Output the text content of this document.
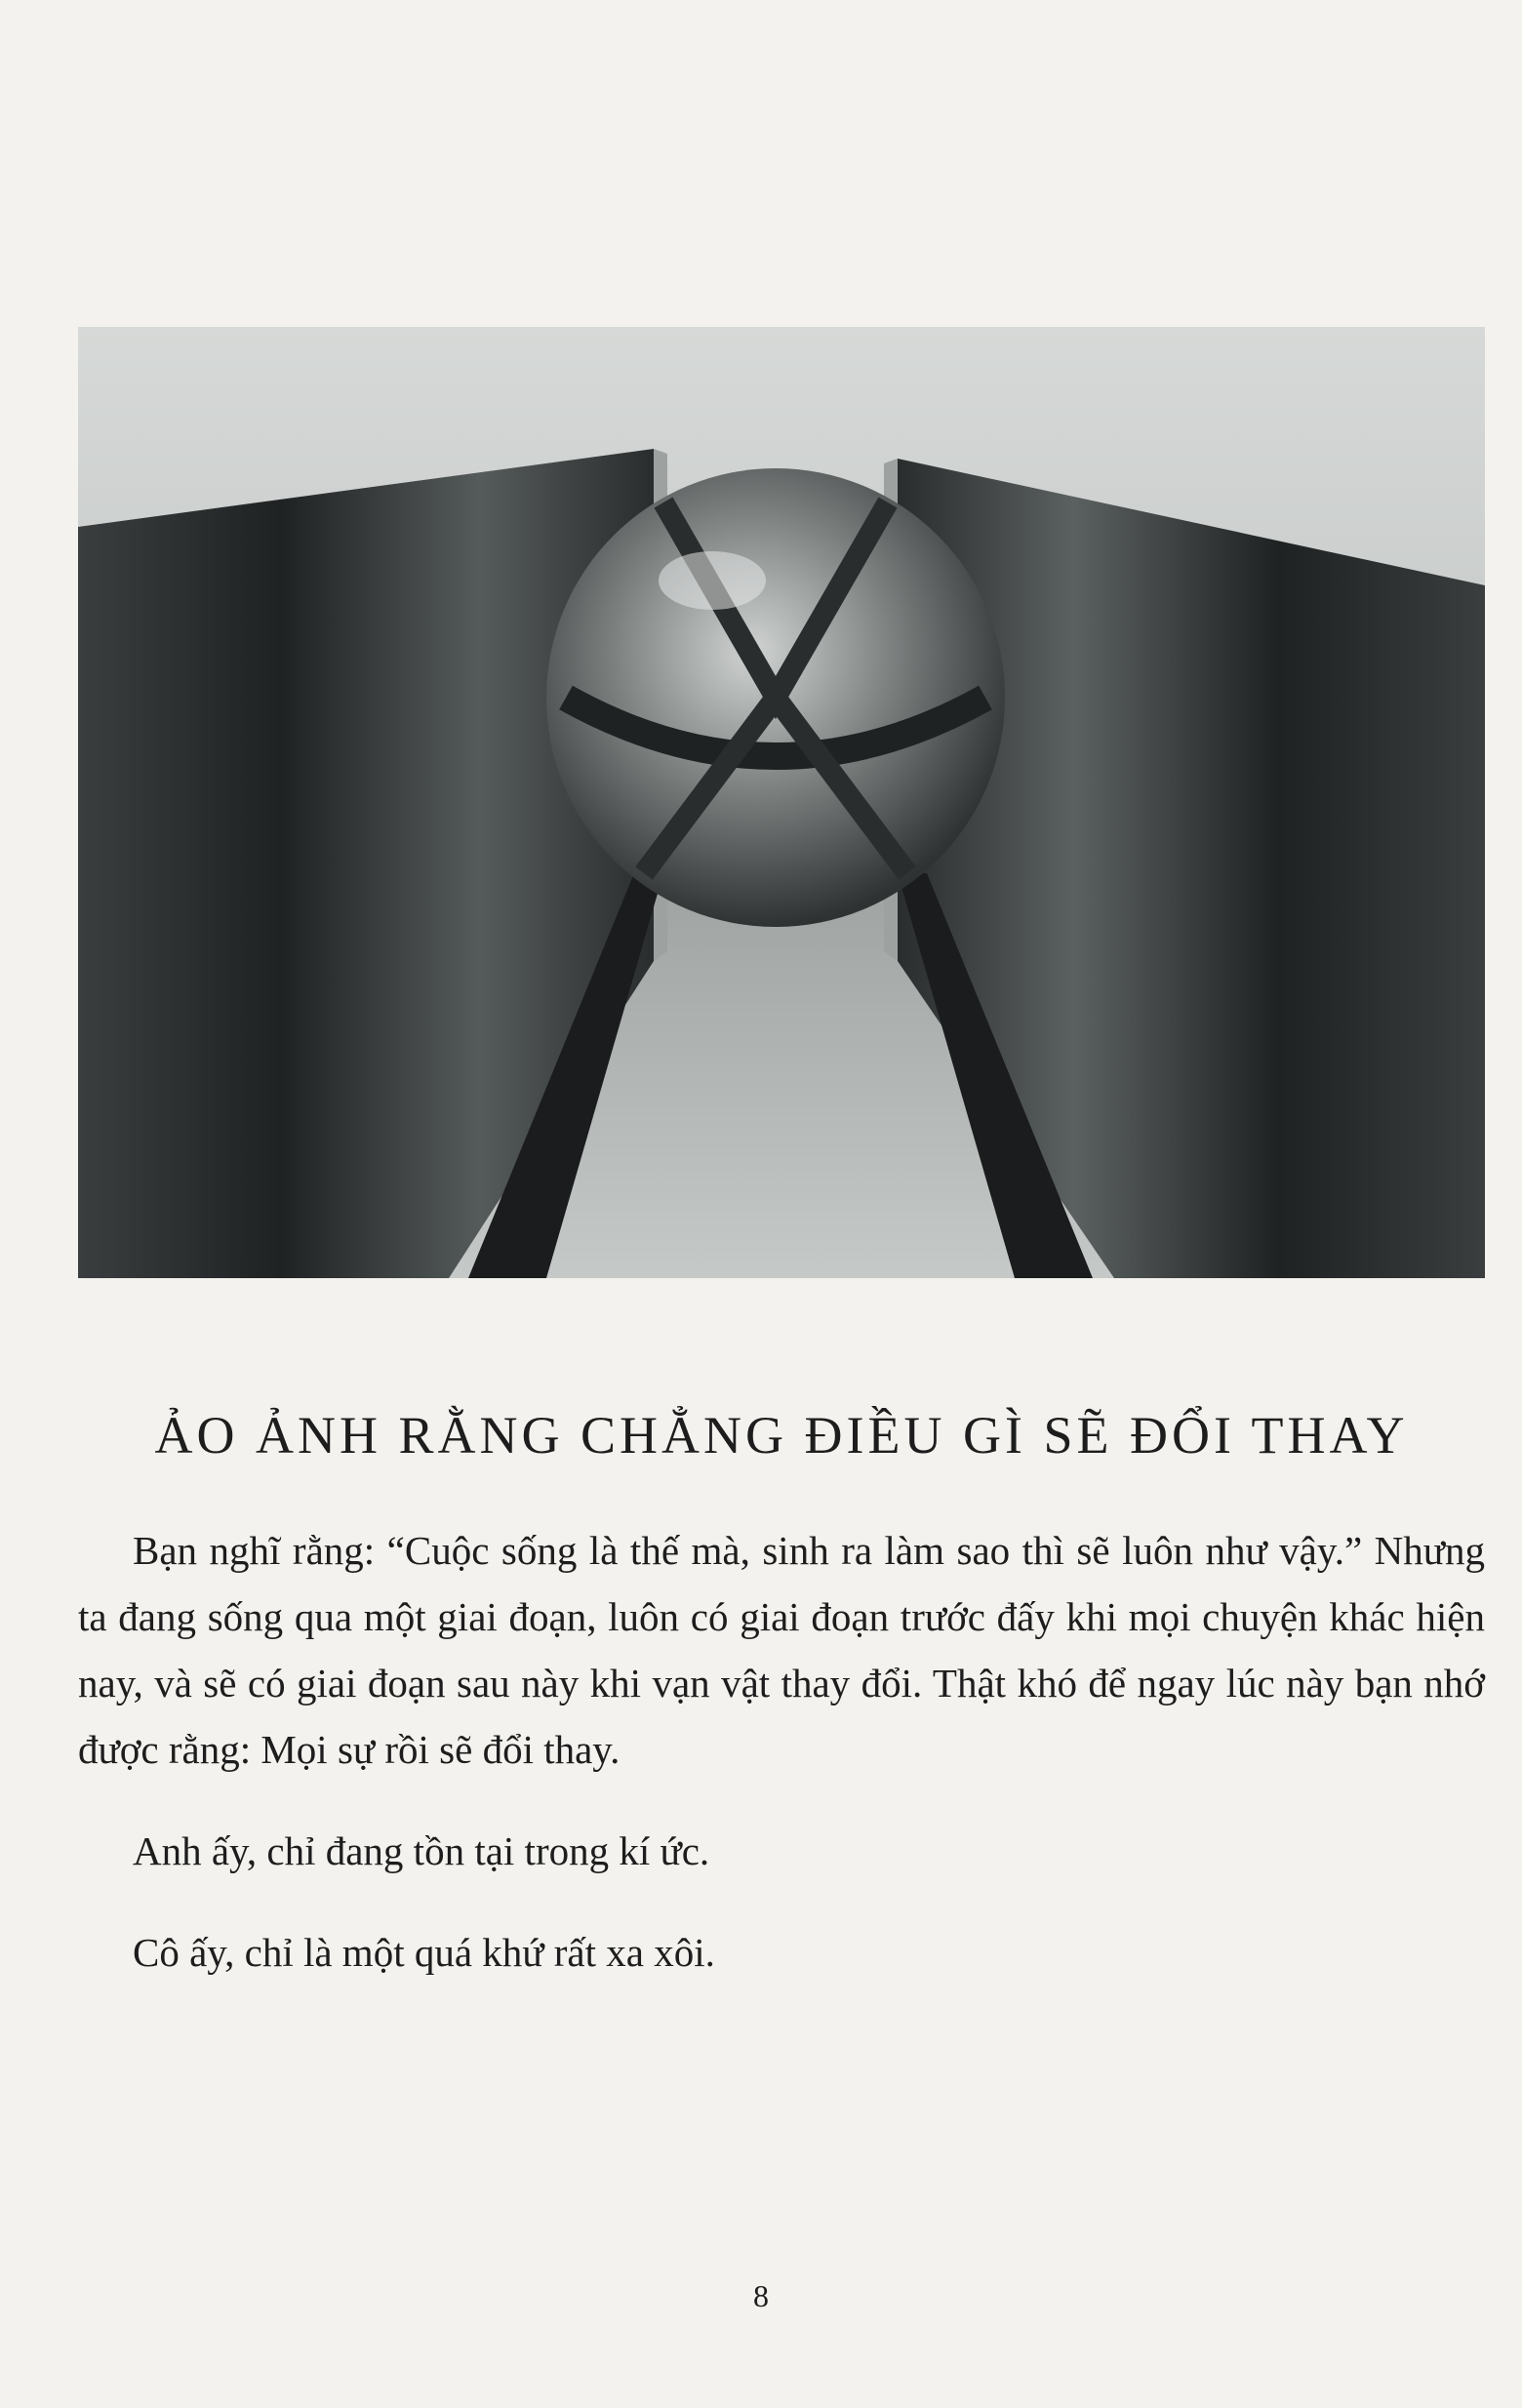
ẢO ẢNH RẰNG CHẲNG ĐIỀU GÌ SẼ ĐỔI THAY

Bạn nghĩ rằng: “Cuộc sống là thế mà, sinh ra làm sao thì sẽ luôn như vậy.” Nhưng ta đang sống qua một giai đoạn, luôn có giai đoạn trước đấy khi mọi chuyện khác hiện nay, và sẽ có giai đoạn sau này khi vạn vật thay đổi. Thật khó để ngay lúc này bạn nhớ được rằng: Mọi sự rồi sẽ đổi thay.

Anh ấy, chỉ đang tồn tại trong kí ức.

Cô ấy, chỉ là một quá khứ rất xa xôi.

8
